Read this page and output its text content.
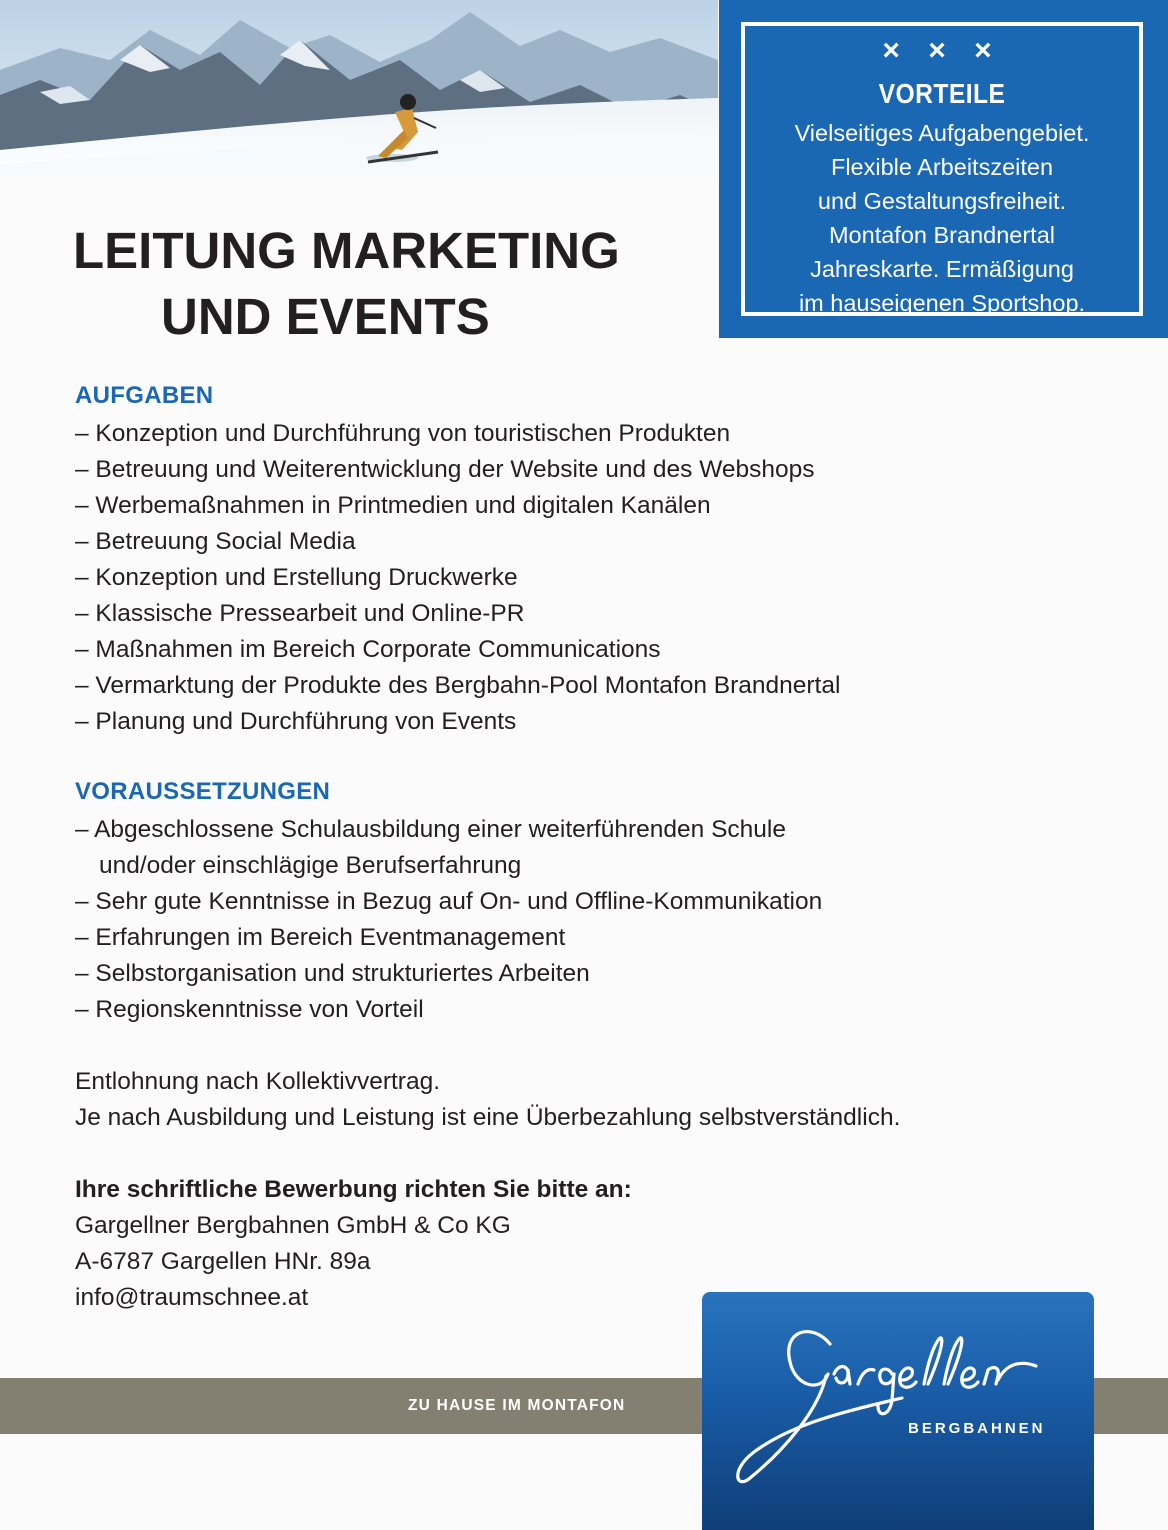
× × ×
VORTEILE
Vielseitiges Aufgabengebiet.
Flexible Arbeitszeiten
und Gestaltungsfreiheit.
Montafon Brandnertal
Jahreskarte. Ermäßigung
im hauseigenen Sportshop.
LEITUNG MARKETING
UND EVENTS
AUFGABEN
– Konzeption und Durchführung von touristischen Produkten
– Betreuung und Weiterentwicklung der Website und des Webshops
– Werbemaßnahmen in Printmedien und digitalen Kanälen
– Betreuung Social Media
– Konzeption und Erstellung Druckwerke
– Klassische Pressearbeit und Online-PR
– Maßnahmen im Bereich Corporate Communications
– Vermarktung der Produkte des Bergbahn-Pool Montafon Brandnertal
– Planung und Durchführung von Events
VORAUSSETZUNGEN
– Abgeschlossene Schulausbildung einer weiterführenden Schule
und/oder einschlägige Berufserfahrung
– Sehr gute Kenntnisse in Bezug auf On- und Offline-Kommunikation
– Erfahrungen im Bereich Eventmanagement
– Selbstorganisation und strukturiertes Arbeiten
– Regionskenntnisse von Vorteil
Entlohnung nach Kollektivvertrag.
Je nach Ausbildung und Leistung ist eine Überbezahlung selbstverständlich.
Ihre schriftliche Bewerbung richten Sie bitte an:
Gargellner Bergbahnen GmbH & Co KG
A-6787 Gargellen HNr. 89a
info@traumschnee.at
ZU HAUSE IM MONTAFON
BERGBAHNEN
